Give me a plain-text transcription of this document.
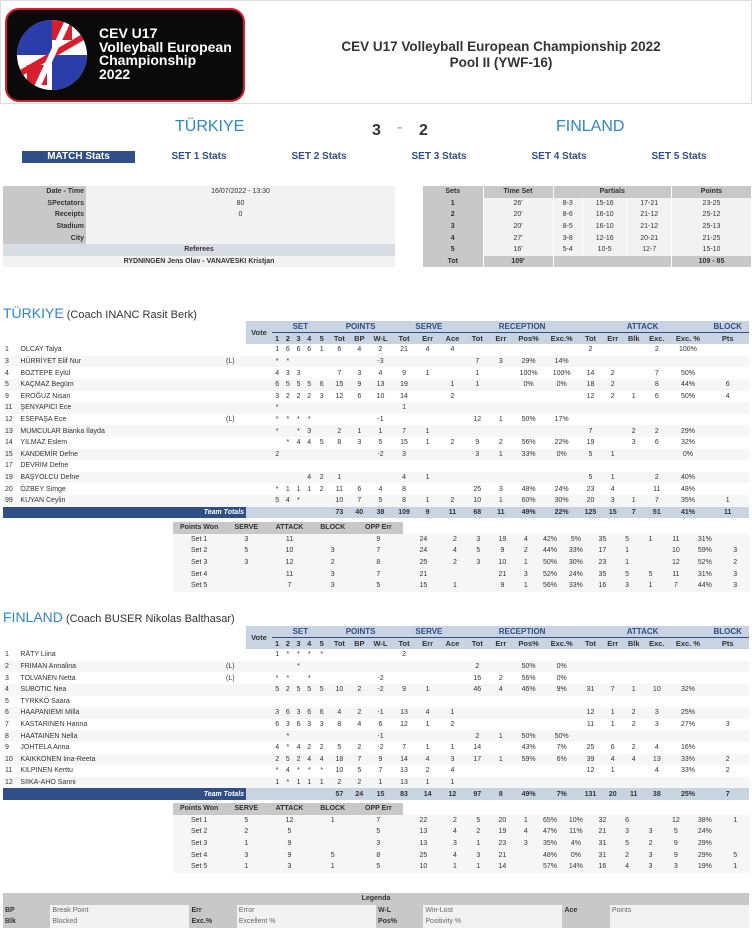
CEV U17
Volleyball European
Championship
2022
CEV U17 Volleyball European Championship 2022
Pool II (YWF-16)
TÜRKIYE	3 - 2	FINLAND
MATCH Stats	SET 1 Stats	SET 2 Stats	SET 3 Stats	SET 4 Stats	SET 5 Stats
Date - Time	16/07/2022 - 13:30
SPectators	80
Receipts	0
Stadium	
City	
Referees	
RYDNINGEN Jens Olav - VANAVESKI Kristjan	
Sets	Time Set	Partials			Points
1	26'	8-3	15-16	17-21	23-25
2	20'	8-6	16-10	21-12	25-12
3	20'	8-5	16-10	21-12	25-13
4	27'	3-8	12-16	20-21	21-25
5	16'	5-4	10-5	12-7	15-10
Tot	109'				109 - 85
TÜRKIYE (Coach INANC Rasit Berk)
			Vote	SET					POINTS			SERVE			RECEPTION				ATTACK					BLOCK
				1	2	3	4	5	Tot	BP	W-L	Tot	Err	Ace	Tot	Err	Pos%	Exc.%	Tot	Err	Blk	Exc.	Exc. %	Pts
1	OLCAY Talya			1	6	6	6	1	6	4	2	21	4	4					2			2	100%	
3	HÜRRİYET Elif Nur	(L)		*	*						-3				7	3	29%	14%						
4	BOZTEPE Eylül			4	3	3			7	3	4	9	1		1		100%	100%	14	2		7	50%	
5	KAÇMAZ Begüm			6	5	5	5	6	15	9	13	19		1	1		0%	0%	18	2		8	44%	6
9	EROĞUZ Nisan			3	2	2	2	3	12	6	10	14		2					12	2	1	6	50%	4
11	ŞENYAPICI Ece			*								1												
12	ESEPAŞA Ece	(L)		*	*	*	*				-1				12	1	50%	17%						
13	MUMCULAR Bianka İlayda			*		*	3		2	1	1	7	1						7		2	2	29%	
14	YILMAZ Eslem				*	4	4	5	8	3	5	15	1	2	9	2	56%	22%	19		3	6	32%	
15	KANDEMİR Defne			2							-2	3			3	1	33%	0%	5	1			0%	
17	DEVRİM Defne																							
19	BAŞYOLCU Defne						4	2	1			4	1						5	1		2	40%	
20	ÖZBEY Simge			*	1	1	1	2	11	6	4	8			25	3	48%	24%	23	4		11	48%	
99	KUYAN Ceylin			5	4	*			10	7	5	8	1	2	10	1	60%	30%	20	3	1	7	35%	1
Team Totals									73	40	38	109	9	11	68	11	49%	22%	125	15	7	51	41%	11
Points Won	SERVE	ATTACK	BLOCK	OPP Err													
Set 1	3	11		9	24	2	3	19	4	42%	5%	35	5	1	11	31%	
Set 2	5	10	3	7	24	4	5	9	2	44%	33%	17	1		10	59%	3
Set 3	3	12	2	8	25	2	3	10	1	50%	30%	23	1		12	52%	2
Set 4		11	3	7	21			21	3	52%	24%	35	5	5	11	31%	3
Set 5		7	3	5	15	1		9	1	56%	33%	16	3	1	7	44%	3
FINLAND (Coach BUSER Nikolas Balthasar)
			Vote	SET					POINTS			SERVE			RECEPTION				ATTACK					BLOCK
				1	2	3	4	5	Tot	BP	W-L	Tot	Err	Ace	Tot	Err	Pos%	Exc.%	Tot	Err	Blk	Exc.	Exc. %	Pts
1	RÄTY Liina			1	*	*	*	*				2												
2	FRIMAN Annalina	(L)				*									2		50%	0%						
3	TOLVANEN Netta	(L)		*	*		*				-2				16	2	56%	0%						
4	SUBOTIC Nea			5	2	5	5	5	10	2	-2	9	1		46	4	46%	9%	31	7	1	10	32%	
5	TYRKKÖ Saara																							
6	HAAPANIEMI Milla			3	6	3	6	6	4	2	-1	13	4	1					12	1	2	3	25%	
7	KASTARINEN Hanna			6	3	6	3	3	8	4	6	12	1	2					11	1	2	3	27%	3
8	HAATAINEN Nella				*						-1				2	1	50%	50%						
9	JOHTELA Anna			4	*	4	2	2	5	2	-2	7	1	1	14		43%	7%	25	6	2	4	16%	
10	KAIKKONEN Iina-Reeta			2	5	2	4	4	18	7	9	14	4	3	17	1	59%	6%	39	4	4	13	33%	2
11	KILPINEN Kerttu			*	4	*	*	*	10	5	7	13	2	4					12	1		4	33%	2
12	SIIKA-AHO Sanni			1	*	1	1	1	2	2	1	13	1	1										
Team Totals									57	24	15	83	14	12	97	8	49%	7%	131	20	11	38	25%	7
Points Won	SERVE	ATTACK	BLOCK	OPP Err													
Set 1	5	12	1	7	22	2	5	20	1	65%	10%	32	6		12	38%	1
Set 2	2	5		5	13	4	2	19	4	47%	11%	21	3	3	5	24%	
Set 3	1	9		3	13	3	1	23	3	35%	4%	31	5	2	9	29%	
Set 4	3	9	5	8	25	4	3	21		48%	0%	31	2	3	9	29%	5
Set 5	1	3	1	5	10	1	1	14		57%	14%	16	4	3	3	19%	1
Legenda							
BP	Break Point	Err	Error	W-L	Win-Lost	Ace	Points
Blk	Blocked	Exc.%	Excellent %	Pos%	Positivity %		
